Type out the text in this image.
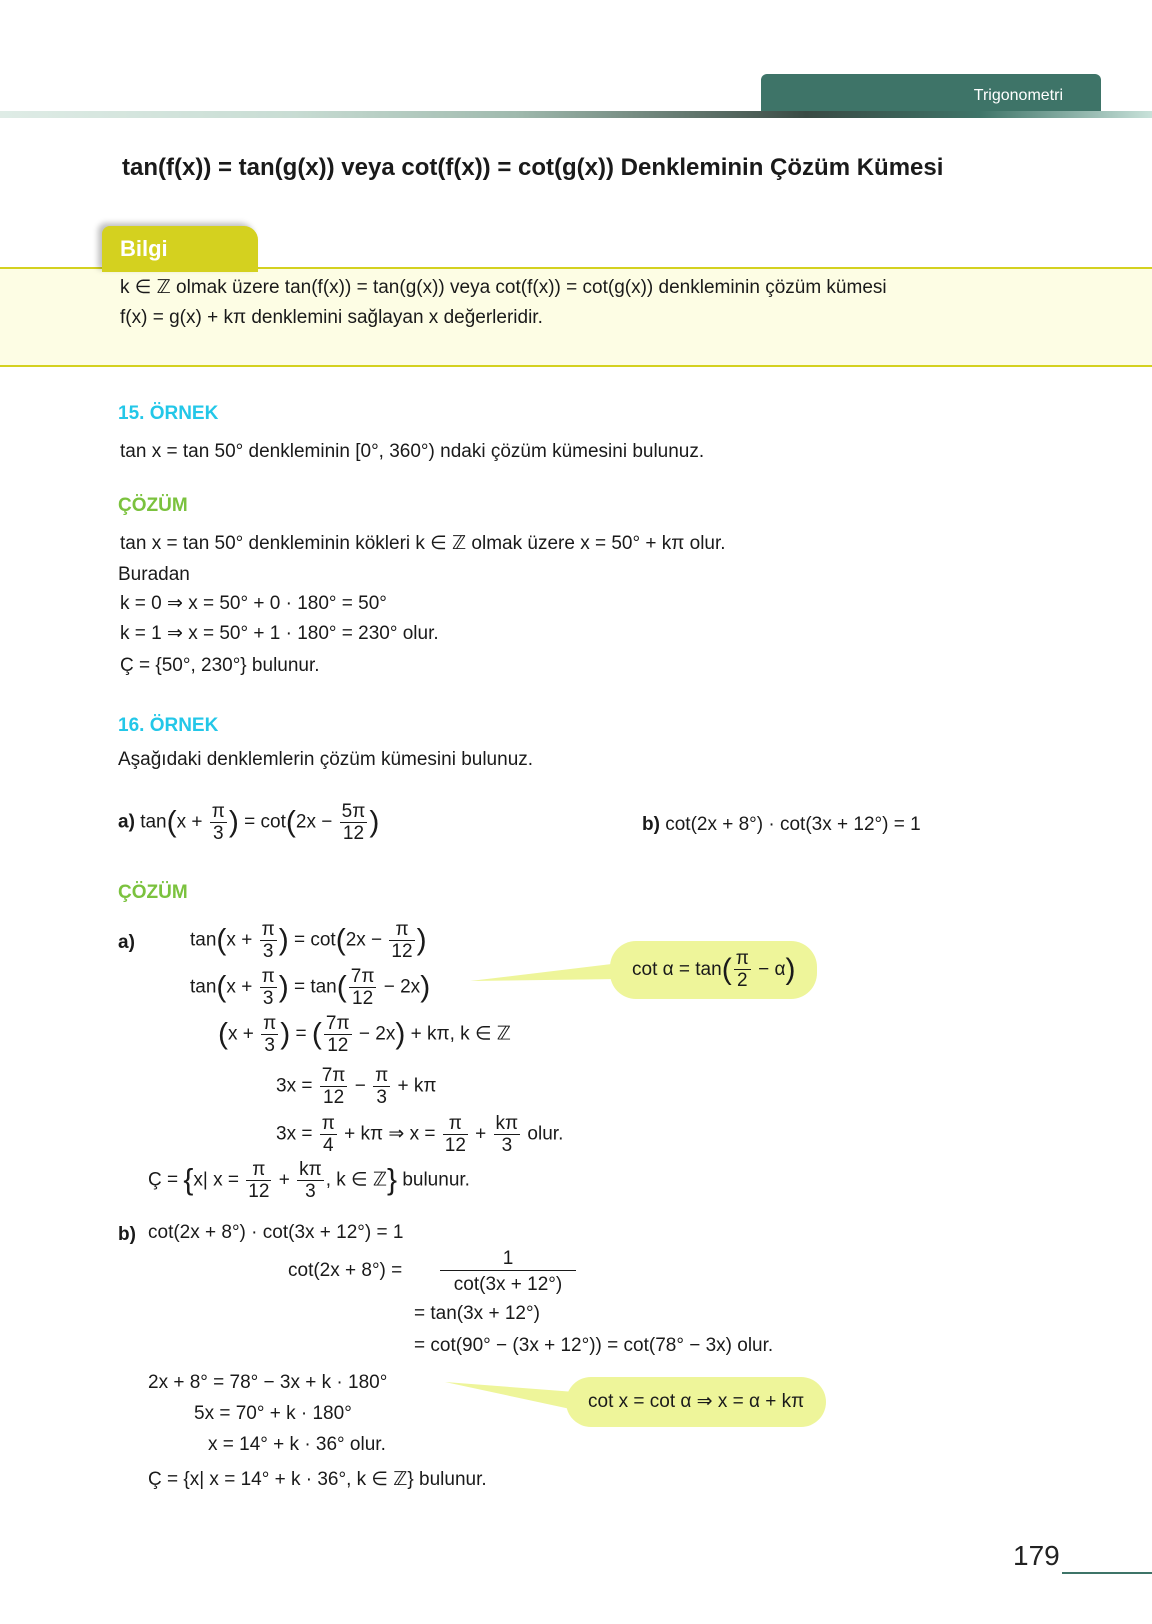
Trigonometri
tan(f(x)) = tan(g(x)) veya cot(f(x)) = cot(g(x)) Denkleminin Çözüm Kümesi
Bilgi
k ∈ ℤ olmak üzere tan(f(x)) = tan(g(x)) veya cot(f(x)) = cot(g(x)) denkleminin çözüm kümesi
f(x) = g(x) + kπ denklemini sağlayan x değerleridir.
15. ÖRNEK
tan x = tan 50° denkleminin [0°, 360°) ndaki çözüm kümesini bulunuz.
ÇÖZÜM
tan x = tan 50° denkleminin kökleri k ∈ ℤ olmak üzere x = 50° + kπ olur.
Buradan
k = 0 ⇒ x = 50° + 0 · 180° = 50°
k = 1 ⇒ x = 50° + 1 · 180° = 230° olur.
Ç = {50°, 230°} bulunur.
16. ÖRNEK
Aşağıdaki denklemlerin çözüm kümesini bulunuz.
a) $\tan(x + \frac{\pi}{3}$ ) = $\cot(2x - \frac{5\pi}{12}$ )	b) cot(2x + 8°) · cot(3x + 12°) = 1
ÇÖZÜM
a)	$\tan(x + \frac{\pi}{3}$ ) = $\cot(2x - \frac{\pi}{12}$ )
$\tan(x + \frac{\pi}{3}$ ) = $\tan( \frac{7\pi}{12} - 2x)$
($x + \frac{\pi}{3}$ ) = ( $\frac{7\pi}{12} - 2x) + k\pi$, k ∈ ℤ
$3x = \frac{7\pi}{12} - \frac{\pi}{3} + k\pi$
$3x = \frac{\pi}{4} + k\pi$ ⇒ $x = \frac{\pi}{12} + \frac{k\pi}{3}$ olur.
Ç = {x| $x = \frac{\pi}{12} + \frac{k\pi}{3}$ , k ∈ ℤ} bulunur.
$\cot \alpha = \tan( \frac{\pi}{2} - \alpha)$
b) cot(2x + 8°) · cot(3x + 12°) = 1
cot(2x + 8°) =
1
cot(3x + 12°)
= tan(3x + 12°)
= cot(90° − (3x + 12°)) = cot(78° − 3x) olur.
2x + 8° = 78° − 3x + k · 180°
5x = 70° + k · 180°
x = 14° + k · 36° olur.
Ç = {x| x = 14° + k · 36°, k ∈ ℤ} bulunur.
cot x = cot α ⇒ x = α + kπ
179
